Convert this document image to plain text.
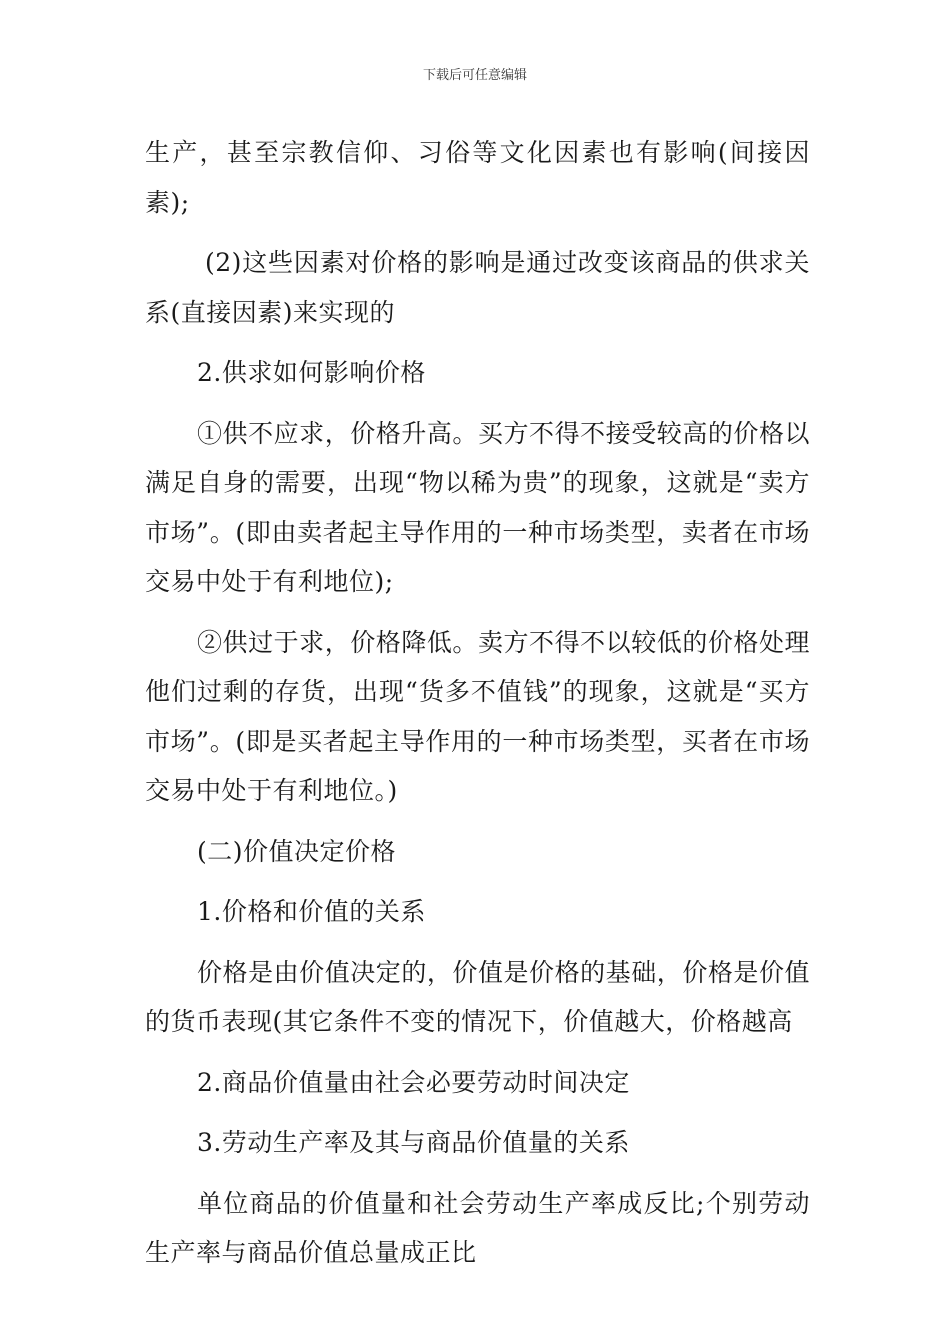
下载后可任意编辑

生产，甚至宗教信仰、习俗等文化因素也有影响(间接因素);

(2)这些因素对价格的影响是通过改变该商品的供求关系(直接因素)来实现的

2.供求如何影响价格

①供不应求，价格升高。买方不得不接受较高的价格以满足自身的需要，出现“物以稀为贵”的现象，这就是“卖方市场”。(即由卖者起主导作用的一种市场类型，卖者在市场交易中处于有利地位);

②供过于求，价格降低。卖方不得不以较低的价格处理他们过剩的存货，出现“货多不值钱”的现象，这就是“买方市场”。(即是买者起主导作用的一种市场类型，买者在市场交易中处于有利地位。)

(二)价值决定价格

1.价格和价值的关系

价格是由价值决定的，价值是价格的基础，价格是价值的货币表现(其它条件不变的情况下，价值越大，价格越高

2.商品价值量由社会必要劳动时间决定

3.劳动生产率及其与商品价值量的关系

单位商品的价值量和社会劳动生产率成反比;个别劳动生产率与商品价值总量成正比
